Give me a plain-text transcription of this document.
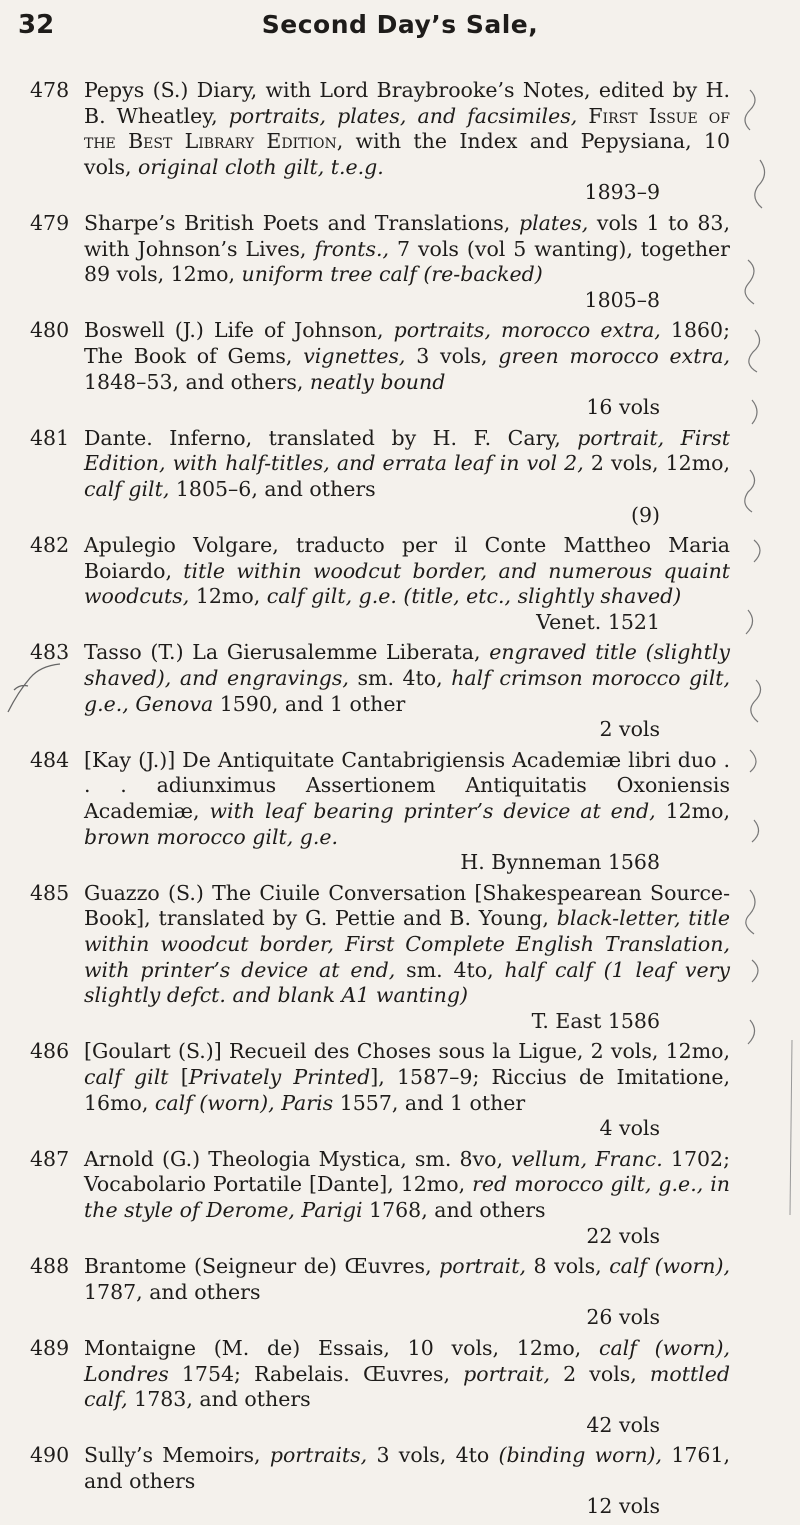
32	Second Day’s Sale,
478 Pepys (S.) Diary, with Lord Braybrooke’s Notes, edited by H. B. Wheatley, portraits, plates, and facsimiles, First Issue of the Best Library Edition, with the Index and Pepysiana, 10 vols, original cloth gilt, t.e.g.
1893–9
479 Sharpe’s British Poets and Translations, plates, vols 1 to 83, with Johnson’s Lives, fronts., 7 vols (vol 5 wanting), together 89 vols, 12mo, uniform tree calf (re-backed)
1805–8
480 Boswell (J.) Life of Johnson, portraits, morocco extra, 1860; The Book of Gems, vignettes, 3 vols, green morocco extra, 1848–53, and others, neatly bound
16 vols
481 Dante. Inferno, translated by H. F. Cary, portrait, First Edition, with half-titles, and errata leaf in vol 2, 2 vols, 12mo, calf gilt, 1805–6, and others
(9)
482 Apulegio Volgare, traducto per il Conte Mattheo Maria Boiardo, title within woodcut border, and numerous quaint woodcuts, 12mo, calf gilt, g.e. (title, etc., slightly shaved)
Venet. 1521
483 Tasso (T.) La Gierusalemme Liberata, engraved title (slightly shaved), and engravings, sm. 4to, half crimson morocco gilt, g.e., Genova 1590, and 1 other
2 vols
484 [Kay (J.)] De Antiquitate Cantabrigiensis Academiæ libri duo . . . adiunximus Assertionem Antiquitatis Oxoniensis Academiæ, with leaf bearing printer’s device at end, 12mo, brown morocco gilt, g.e.
H. Bynneman 1568
485 Guazzo (S.) The Ciuile Conversation [Shakespearean Source-Book], translated by G. Pettie and B. Young, black-letter, title within woodcut border, First Complete English Translation, with printer’s device at end, sm. 4to, half calf (1 leaf very slightly defct. and blank A1 wanting)
T. East 1586
486 [Goulart (S.)] Recueil des Choses sous la Ligue, 2 vols, 12mo, calf gilt [Privately Printed], 1587–9; Riccius de Imitatione, 16mo, calf (worn), Paris 1557, and 1 other
4 vols
487 Arnold (G.) Theologia Mystica, sm. 8vo, vellum, Franc. 1702; Vocabolario Portatile [Dante], 12mo, red morocco gilt, g.e., in the style of Derome, Parigi 1768, and others
22 vols
488 Brantome (Seigneur de) Œuvres, portrait, 8 vols, calf (worn), 1787, and others
26 vols
489 Montaigne (M. de) Essais, 10 vols, 12mo, calf (worn), Londres 1754; Rabelais. Œuvres, portrait, 2 vols, mottled calf, 1783, and others
42 vols
490 Sully’s Memoirs, portraits, 3 vols, 4to (binding worn), 1761, and others
12 vols
